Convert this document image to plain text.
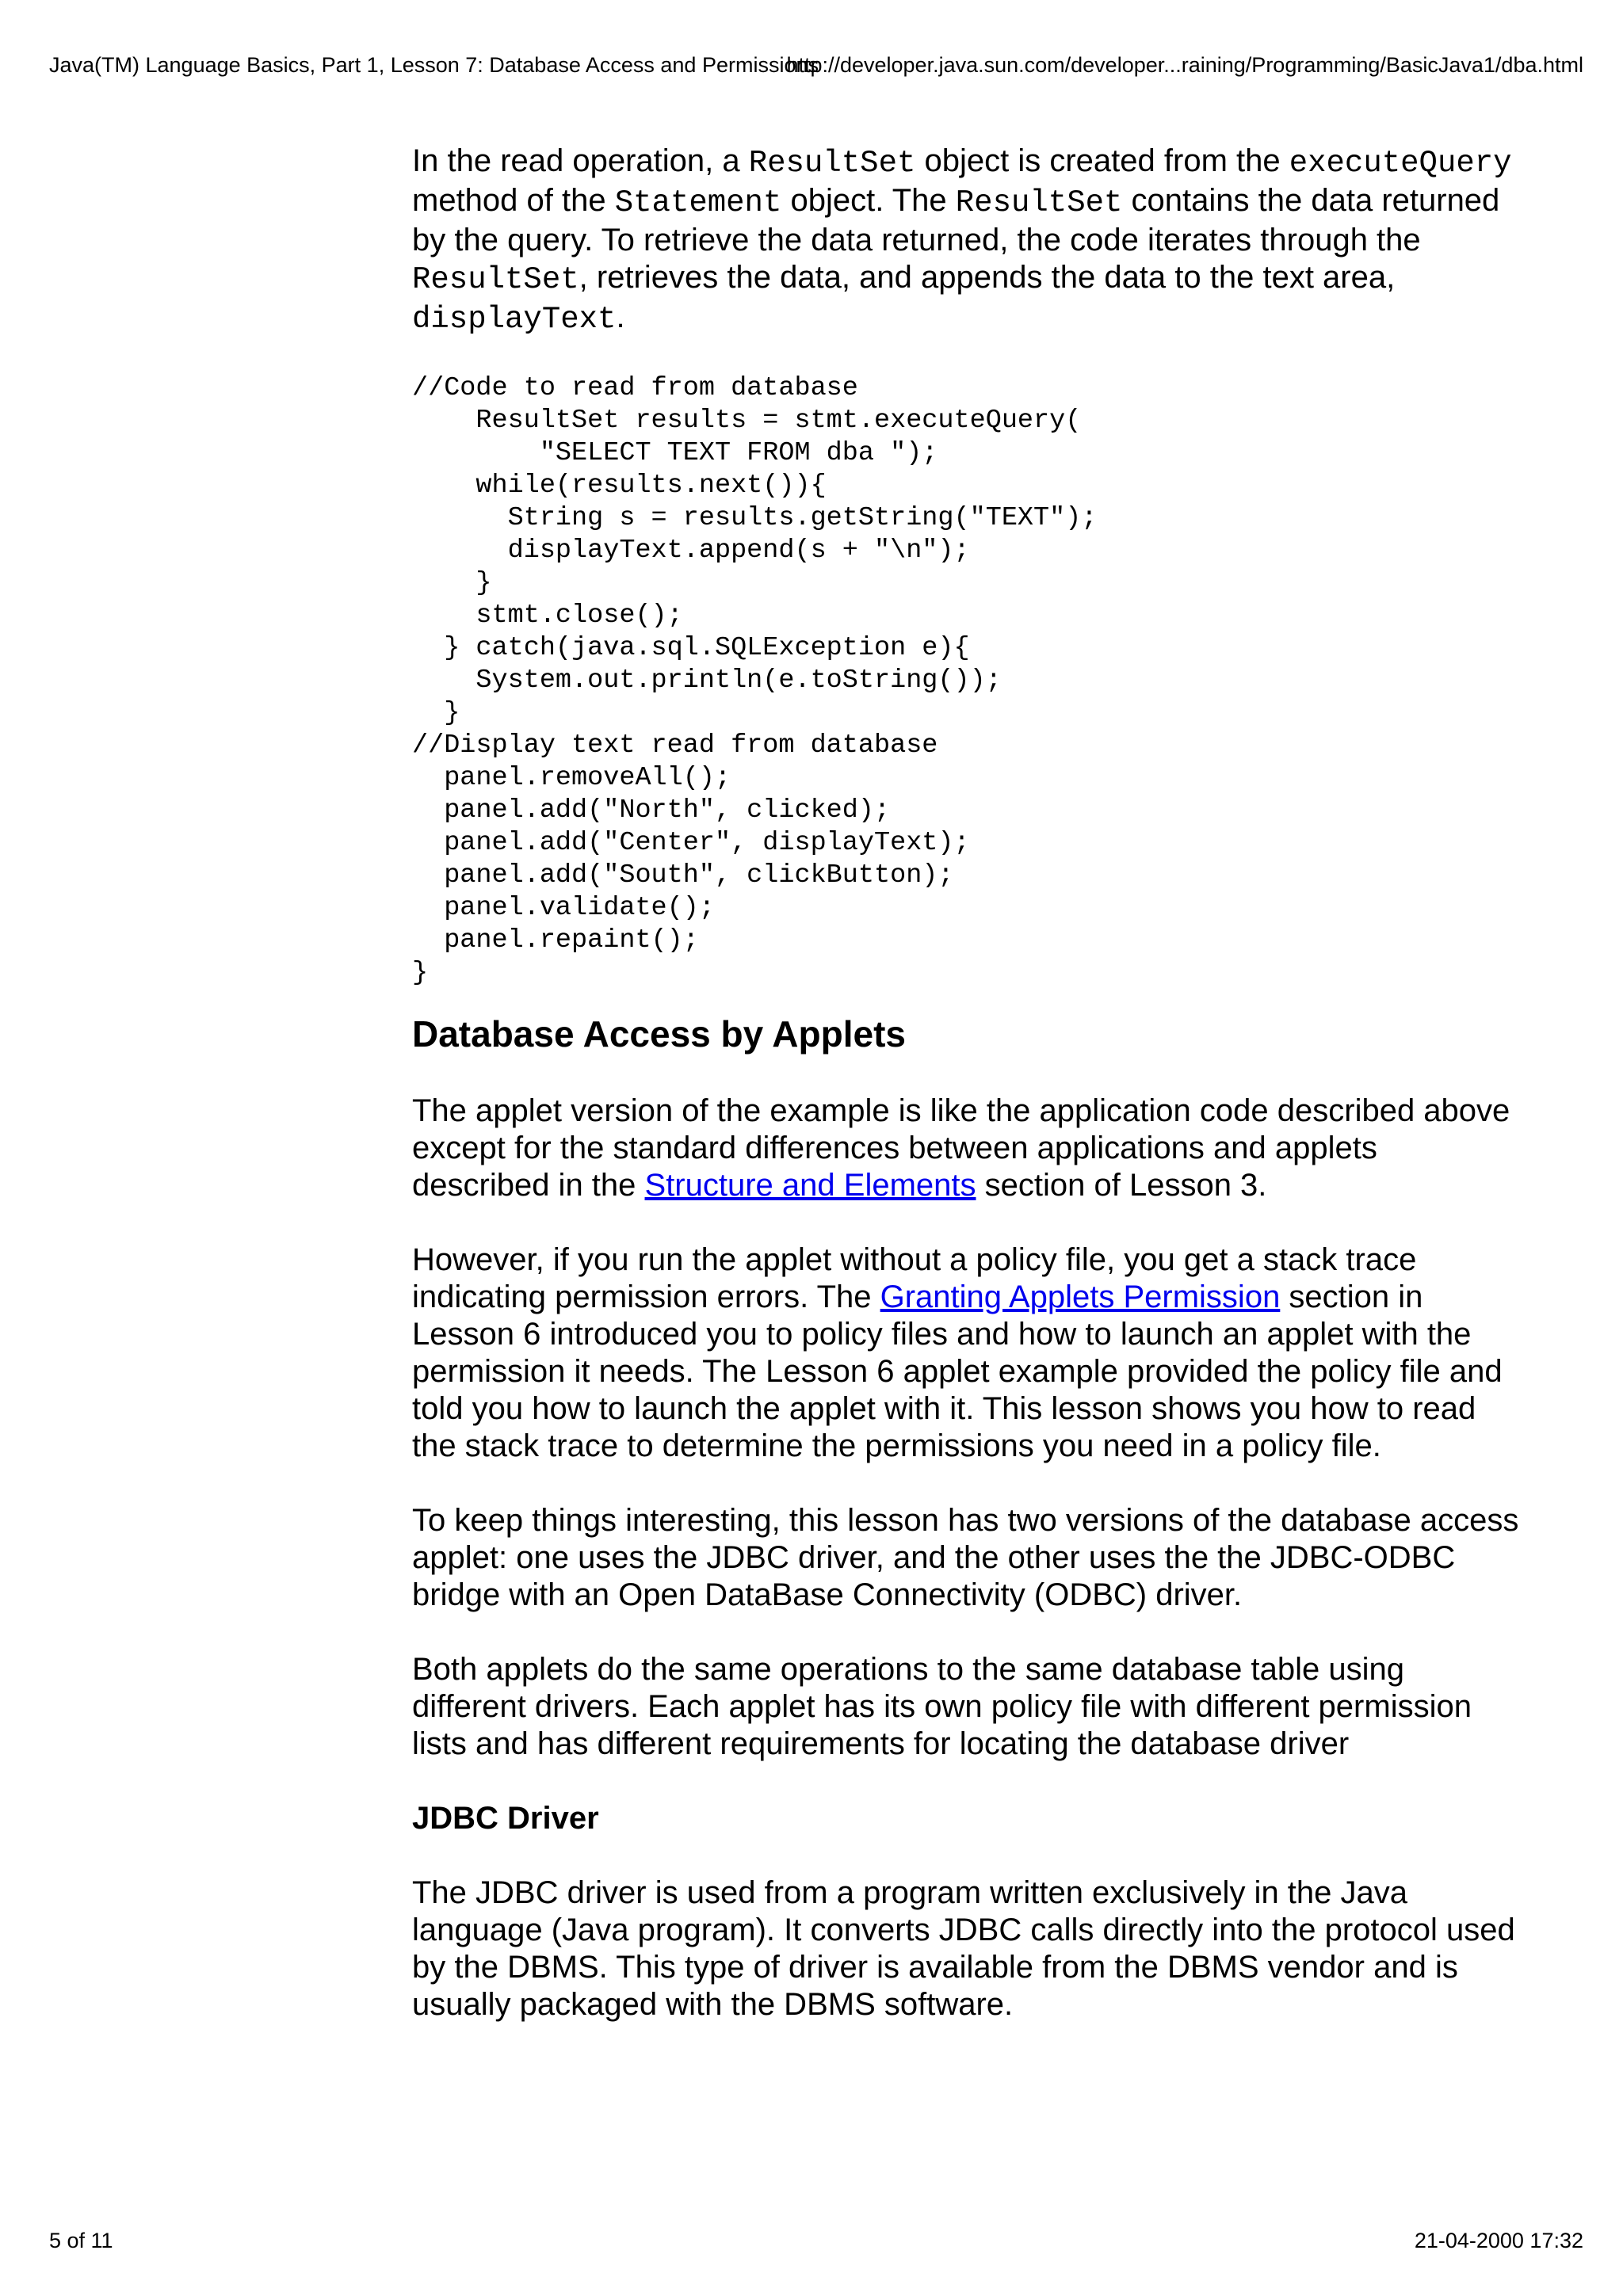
Java(TM) Language Basics, Part 1, Lesson 7: Database Access and Permissions
http://developer.java.sun.com/developer...raining/Programming/BasicJava1/dba.html

In the read operation, a ResultSet object is created from the executeQuery method of the Statement object. The ResultSet contains the data returned by the query. To retrieve the data returned, the code iterates through the ResultSet, retrieves the data, and appends the data to the text area, displayText.

//Code to read from database
ResultSet results = stmt.executeQuery(
"SELECT TEXT FROM dba ");
while(results.next()){
String s = results.getString("TEXT");
displayText.append(s + "\n");
}
stmt.close();
} catch(java.sql.SQLException e){
System.out.println(e.toString());
}
//Display text read from database
panel.removeAll();
panel.add("North", clicked);
panel.add("Center", displayText);
panel.add("South", clickButton);
panel.validate();
panel.repaint();
}
Database Access by Applets

The applet version of the example is like the application code described above except for the standard differences between applications and applets described in the Structure and Elements section of Lesson 3.

However, if you run the applet without a policy file, you get a stack trace indicating permission errors. The Granting Applets Permission section in Lesson 6 introduced you to policy files and how to launch an applet with the permission it needs. The Lesson 6 applet example provided the policy file and told you how to launch the applet with it. This lesson shows you how to read the stack trace to determine the permissions you need in a policy file.

To keep things interesting, this lesson has two versions of the database access applet: one uses the JDBC driver, and the other uses the the JDBC-ODBC bridge with an Open DataBase Connectivity (ODBC) driver.

Both applets do the same operations to the same database table using different drivers. Each applet has its own policy file with different permission lists and has different requirements for locating the database driver

JDBC Driver

The JDBC driver is used from a program written exclusively in the Java language (Java program). It converts JDBC calls directly into the protocol used by the DBMS. This type of driver is available from the DBMS vendor and is usually packaged with the DBMS software.

5 of 11	21-04-2000 17:32
